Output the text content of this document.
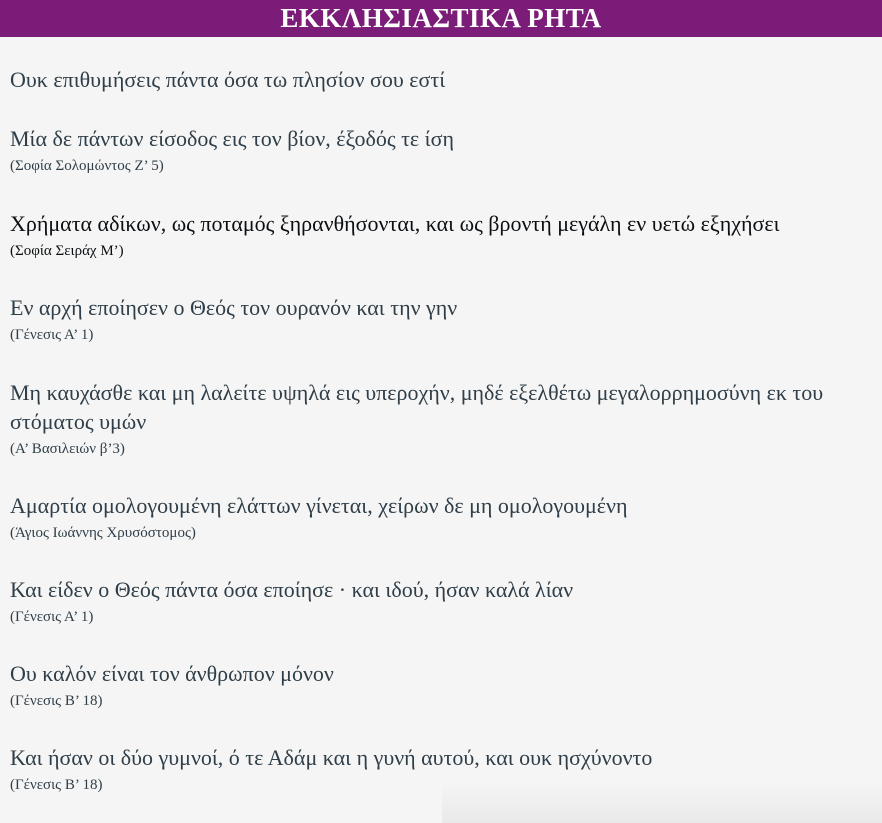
ΕΚΚΛΗΣΙΑΣΤΙΚΑ ΡΗΤΑ
Ουκ επιθυμήσεις πάντα όσα τω πλησίον σου εστί
Μία δε πάντων είσοδος εις τον βίον, έξοδός τε ίση
(Σοφία Σολομώντος Ζ’ 5)
Χρήματα αδίκων, ως ποταμός ξηρανθήσονται, και ως βροντή μεγάλη εν υετώ εξηχήσει
(Σοφία Σειράχ Μ’)
Εν αρχή εποίησεν ο Θεός τον ουρανόν και την γην
(Γένεσις Α’ 1)
Μη καυχάσθε και μη λαλείτε υψηλά εις υπεροχήν, μηδέ εξελθέτω μεγαλορρημοσύνη εκ του στόματος υμών
(Α’ Βασιλειών β’3)
Αμαρτία ομολογουμένη ελάττων γίνεται, χείρων δε μη ομολογουμένη
(Άγιος Ιωάννης Χρυσόστομος)
Και είδεν ο Θεός πάντα όσα εποίησε · και ιδού, ήσαν καλά λίαν
(Γένεσις Α’ 1)
Ου καλόν είναι τον άνθρωπον μόνον
(Γένεσις Β’ 18)
Και ήσαν οι δύο γυμνοί, ό τε Αδάμ και η γυνή αυτού, και ουκ ησχύνοντο
(Γένεσις Β’ 18)
